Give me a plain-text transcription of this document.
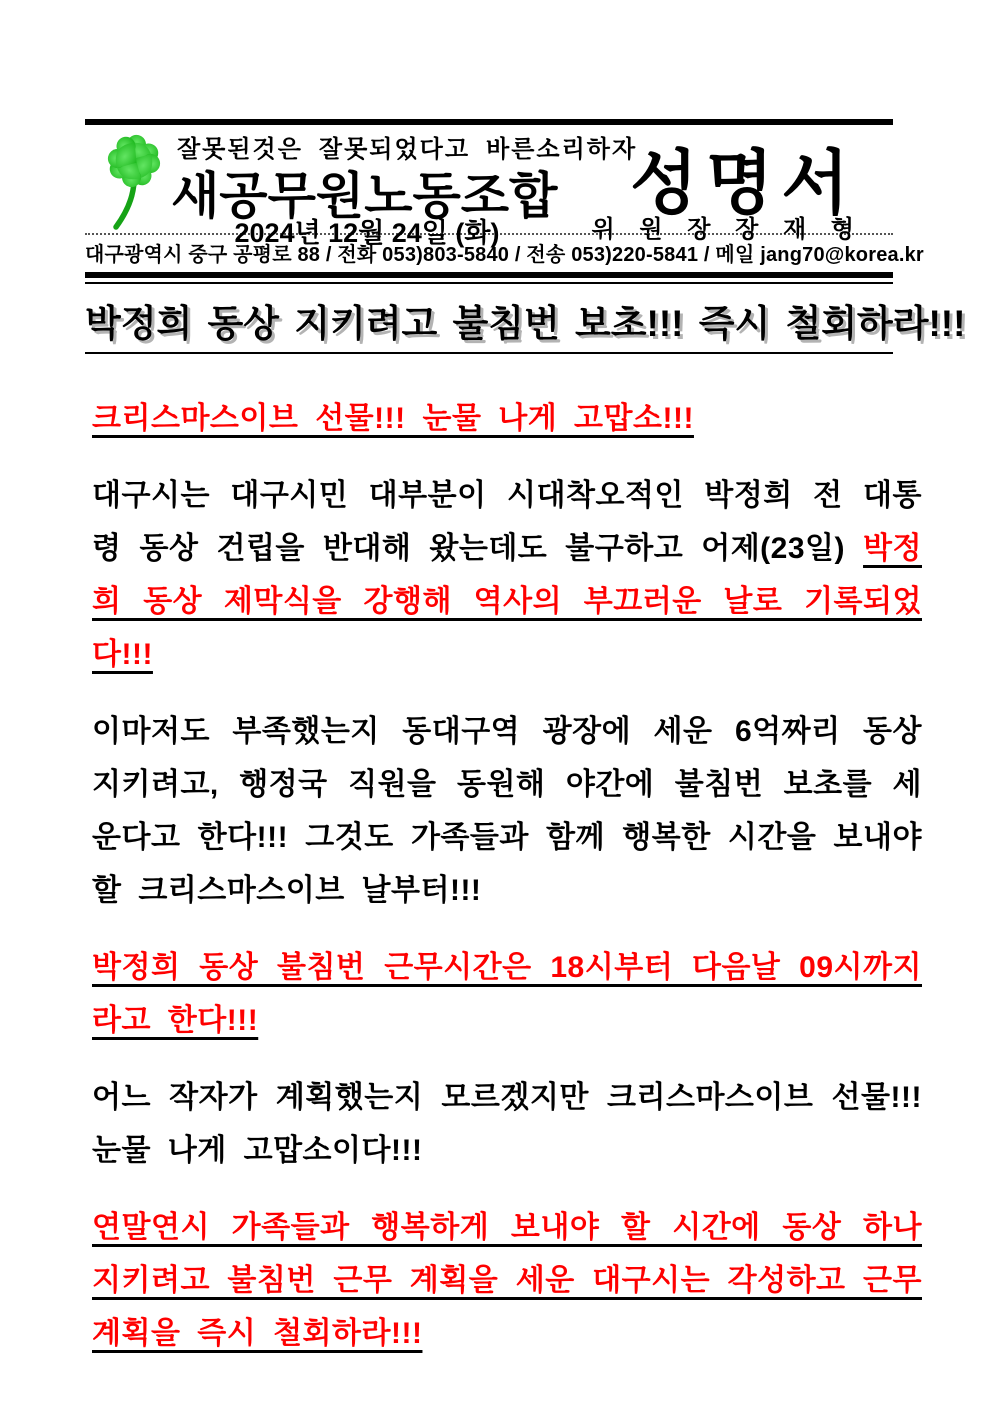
잘못된것은 잘못되었다고 바른소리하자
새공무원노동조합
2024년 12월 24일 (화)
성명서
위 원 장 장 재 형
대구광역시 중구 공평로 88 / 전화 053)803-5840 / 전송 053)220-5841 / 메일 jang70@korea.kr
박정희 동상 지키려고 불침번 보초!!! 즉시 철회하라!!!

크리스마스이브 선물!!! 눈물 나게 고맙소!!!

대구시는 대구시민 대부분이 시대착오적인 박정희 전 대통령 동상 건립을 반대해 왔는데도 불구하고 어제(23일) 박정희 동상 제막식을 강행해 역사의 부끄러운 날로 기록되었다!!!

이마저도 부족했는지 동대구역 광장에 세운 6억짜리 동상 지키려고, 행정국 직원을 동원해 야간에 불침번 보초를 세운다고 한다!!! 그것도 가족들과 함께 행복한 시간을 보내야 할 크리스마스이브 날부터!!!

박정희 동상 불침번 근무시간은 18시부터 다음날 09시까지라고 한다!!!

어느 작자가 계획했는지 모르겠지만 크리스마스이브 선물!!! 눈물 나게 고맙소이다!!!

연말연시 가족들과 행복하게 보내야 할 시간에 동상 하나 지키려고 불침번 근무 계획을 세운 대구시는 각성하고 근무 계획을 즉시 철회하라!!!
